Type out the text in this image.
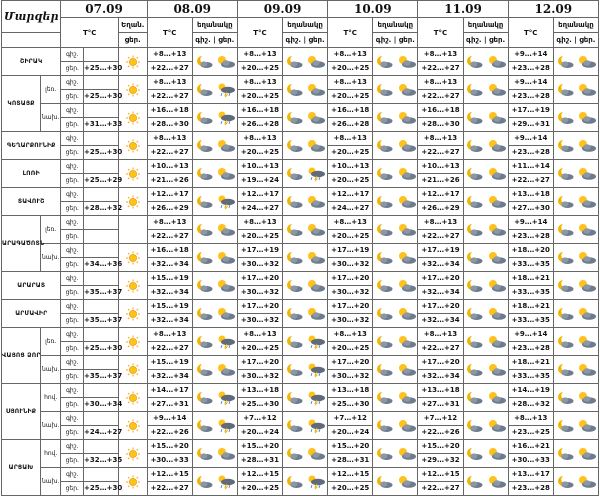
Մարզեր		07.09			08.09		09.09		10.09		11.09		12.09	
		T°C		Եղան.	T°C	եղանակը	T°C	եղանակը	T°C	եղանակը	T°C	եղանակը	T°C	եղանակը
				ցեր.		գիշ. | ցեր.		գիշ. | ցեր.		գիշ. | ցեր.		գիշ. | ցեր.		գիշ. | ցեր.
ՇԻՐԱԿ		գիշ.			+8…+13		+8…+13		+8…+13		+8…+13		+9…+14	

		ցեր.	+25…+30		+22…+27		+20…+25		+20…+25		+22…+27		+23…+28	
ԿՈՏԱՅՔ	լեռ.	գիշ.			+8…+13		+8…+13		+8…+13		+8…+13		+9…+14	

		ցեր.	+25…+30		+22…+27		+20…+25		+20…+25		+22…+27		+23…+28	
	նախ.	գիշ.			+16…+18		+16…+18		+16…+18		+16…+18		+17…+19	

		ցեր.	+31…+33		+28…+30		+26…+28		+26…+28		+28…+30		+29…+31	
ԳԵՂԱՐՔՈՒՆԻՔ		գիշ.			+8…+13		+8…+13		+8…+13		+8…+13		+9…+14	

		ցեր.	+25…+30		+22…+27		+20…+25		+20…+25		+22…+27		+23…+28	
ԼՈՌԻ		գիշ.			+10…+13		+10…+13		+10…+13		+10…+13		+11…+14	

		ցեր.	+25…+29		+21…+26		+19…+24		+20…+25		+21…+26		+22…+27	
ՏԱՎՈՒՇ		գիշ.			+12…+17		+12…+17		+12…+17		+12…+17		+13…+18	

		ցեր.	+28…+32		+26…+29		+24…+27		+24…+27		+26…+29		+27…+30	
ԱՐԱԳԱԾՈՏՆ	լեռ.	գիշ.			+8…+13		+8…+13		+8…+13		+8…+13		+9…+14	

		ցեր.			+22…+27		+20…+25		+20…+25		+22…+27		+23…+28	
	նախ.	գիշ.			+16…+18		+17…+19		+17…+19		+17…+19		+18…+20	

		ցեր.	+34…+36		+32…+34		+30…+32		+30…+32		+32…+34		+33…+35	
ԱՐԱՐԱՏ		գիշ.			+15…+19		+17…+20		+17…+20		+17…+20		+18…+21	

		ցեր.	+35…+37		+32…+34		+30…+32		+30…+32		+32…+34		+33…+35	
ԱՐՄԱՎԻՐ		գիշ.			+15…+19		+17…+20		+17…+20		+17…+20		+18…+21	

		ցեր.	+35…+37		+32…+34		+30…+32		+30…+32		+32…+34		+33…+35	
ՎԱՅՈՑ ՁՈՐ	լեռ.	գիշ.			+8…+13		+8…+13		+8…+13		+8…+13		+9…+14	

		ցեր.	+25…+30		+22…+27		+20…+25		+20…+25		+22…+27		+23…+28	
	նախ.	գիշ.			+15…+19		+17…+20		+17…+20		+17…+20		+18…+21	

		ցեր.	+35…+37		+32…+34		+30…+32		+30…+32		+32…+34		+33…+35	
ՍՅՈՒՆԻՔ	հով.	գիշ.			+14…+17		+13…+18		+13…+18		+13…+18		+14…+19	

		ցեր.	+30…+34		+27…+31		+25…+30		+25…+30		+27…+31		+28…+32	
	նախ.	գիշ.			+9…+14		+7…+12		+7…+12		+7…+12		+8…+13	

		ցեր.	+24…+27		+22…+26		+20…+24		+20…+24		+22…+26		+23…+25	
ԱՐՑԱԽ	հով.	գիշ.			+15…+20		+15…+20		+15…+20		+15…+20		+16…+21	

		ցեր.	+32…+35		+30…+33		+28…+31		+28…+31		+29…+32		+30…+33	
	նախ.	գիշ.			+12…+15		+12…+15		+12…+15		+12…+15		+13…+17	

		ցեր.	+25…+30		+22…+27		+20…+25		+20…+25		+22…+27		+23…+28	
